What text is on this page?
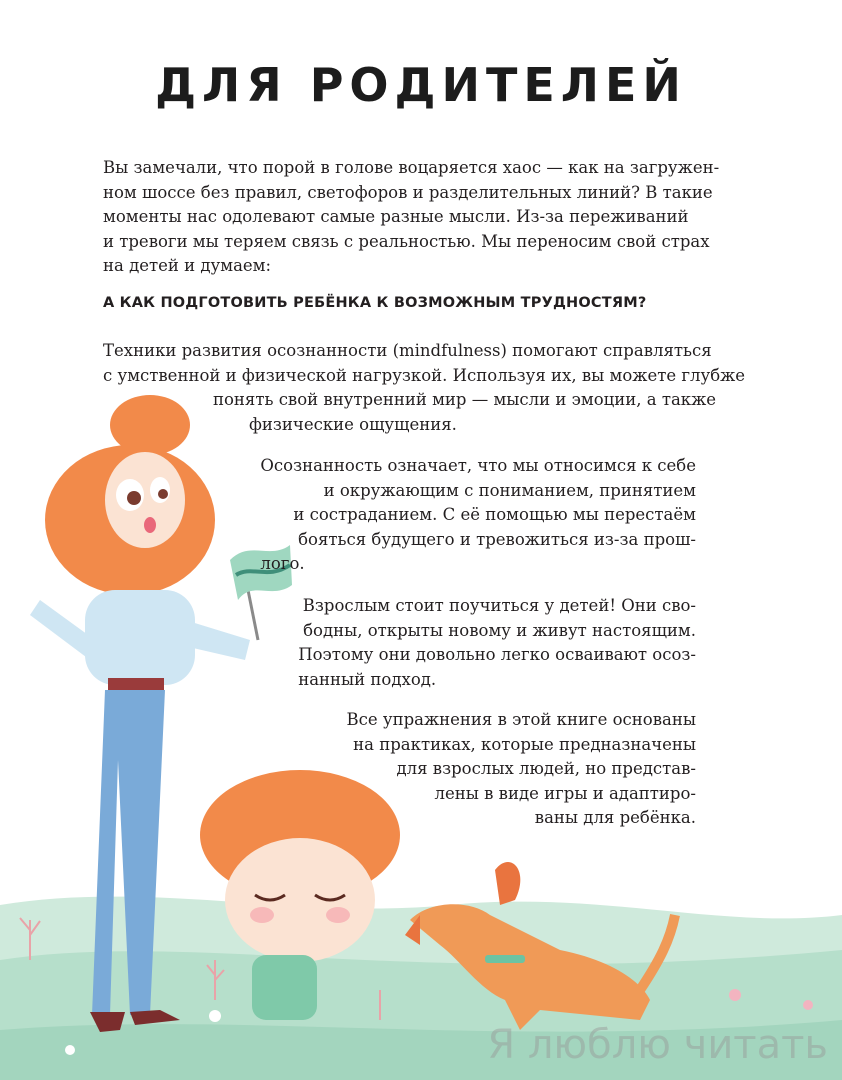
ДЛЯ РОДИТЕЛЕЙ
Вы замечали, что порой в голове воцаряется хаос — как на загружен-
ном шоссе без правил, светофоров и разделительных линий? В такие
моменты нас одолевают самые разные мысли. Из-за переживаний
и тревоги мы теряем связь с реальностью. Мы переносим свой страх
на детей и думаем:
А КАК ПОДГОТОВИТЬ РЕБЁНКА К ВОЗМОЖНЫМ ТРУДНОСТЯМ?
Техники развития осознанности (mindfulness) помогают справляться
с умственной и физической нагрузкой. Используя их, вы можете глубже
понять свой внутренний мир — мысли и эмоции, а также
физические ощущения.
Осознанность означает, что мы относимся к себе
и окружающим с пониманием, принятием
и состраданием. С её помощью мы перестаём
бояться будущего и тревожиться из-за прош-
лого.
Взрослым стоит поучиться у детей! Они сво-
бодны, открыты новому и живут настоящим.
Поэтому они довольно легко осваивают осоз-
нанный подход.
Все упражнения в этой книге основаны
на практиках, которые предназначены
для взрослых людей, но представ-
лены в виде игры и адаптиро-
ваны для ребёнка.
Я люблю читать
